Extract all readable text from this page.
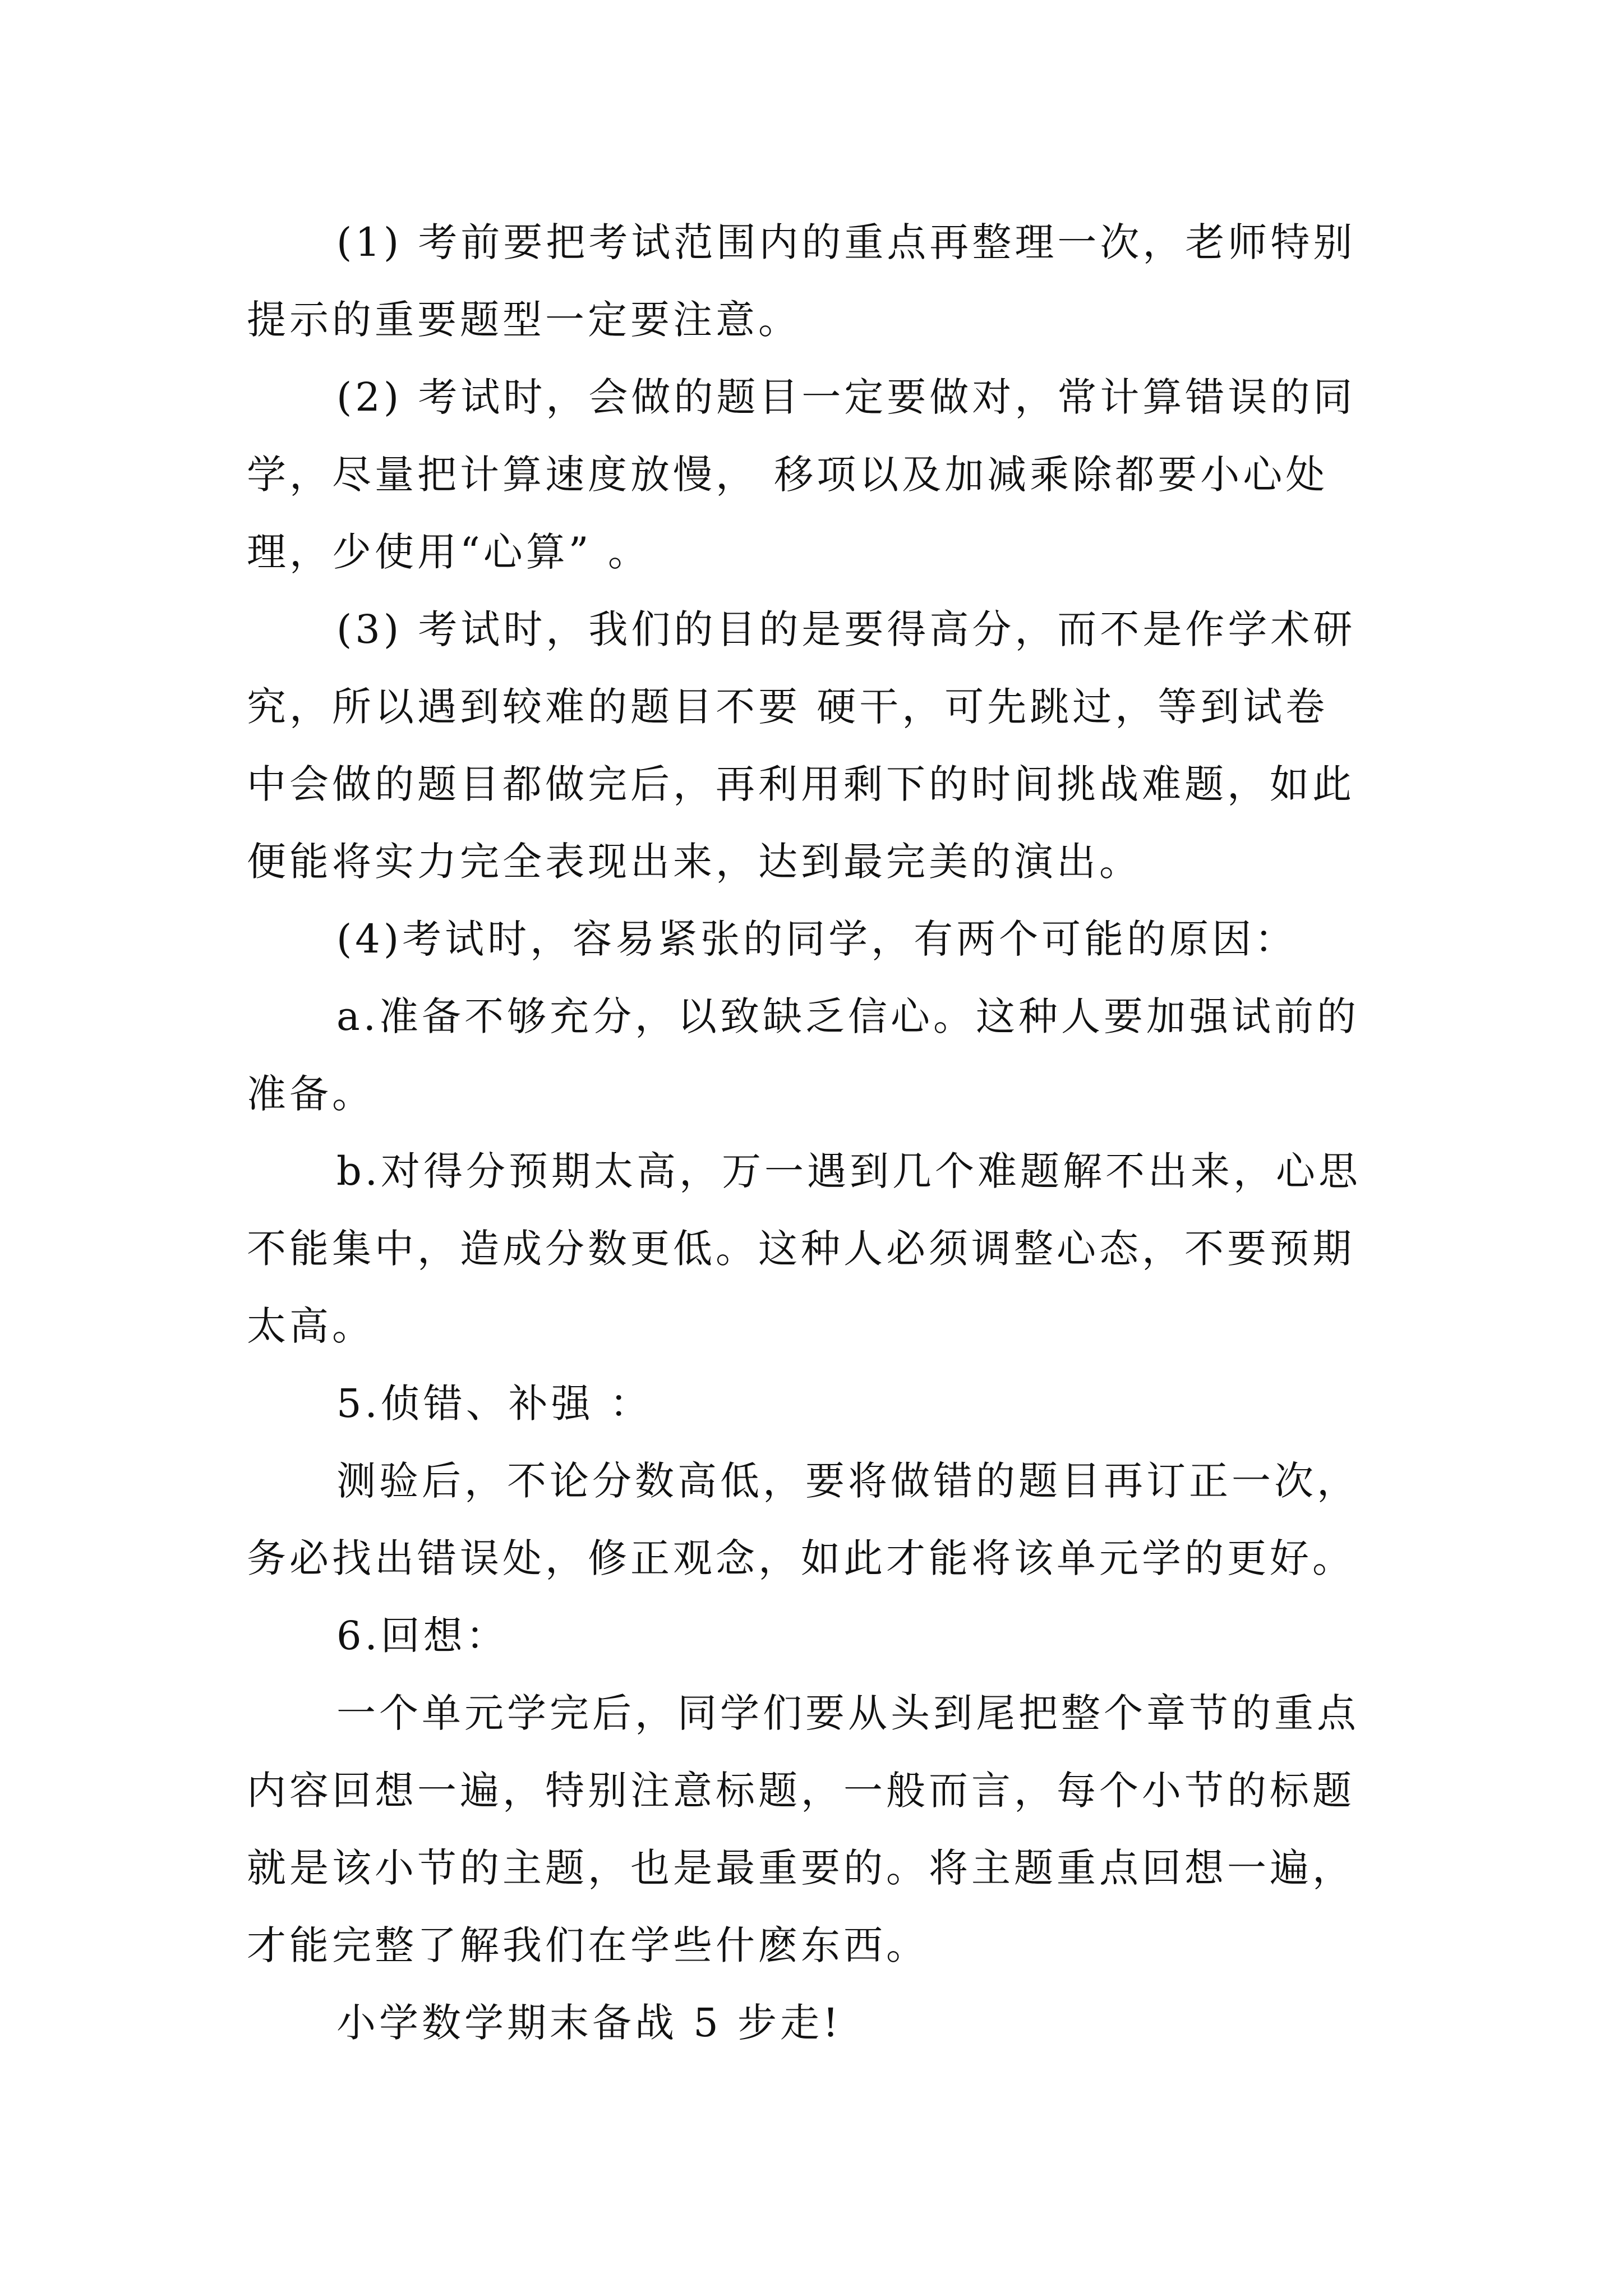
(1) 考前要把考试范围内的重点再整理一次，老师特别
提示的重要题型一定要注意。
(2) 考试时，会做的题目一定要做对，常计算错误的同
学，尽量把计算速度放慢， 移项以及加减乘除都要小心处
理，少使用“心算” 。
(3) 考试时，我们的目的是要得高分，而不是作学术研
究，所以遇到较难的题目不要 硬干，可先跳过，等到试卷
中会做的题目都做完后，再利用剩下的时间挑战难题，如此
便能将实力完全表现出来，达到最完美的演出。
(4)考试时，容易紧张的同学，有两个可能的原因：
a.准备不够充分，以致缺乏信心。这种人要加强试前的
准备。
b.对得分预期太高，万一遇到几个难题解不出来，心思
不能集中，造成分数更低。这种人必须调整心态，不要预期
太高。
5.侦错、补强 ：
测验后，不论分数高低，要将做错的题目再订正一次，
务必找出错误处，修正观念，如此才能将该单元学的更好。
6.回想：
一个单元学完后，同学们要从头到尾把整个章节的重点
内容回想一遍，特别注意标题，一般而言，每个小节的标题
就是该小节的主题，也是最重要的。将主题重点回想一遍，
才能完整了解我们在学些什麽东西。
小学数学期末备战 5 步走!
